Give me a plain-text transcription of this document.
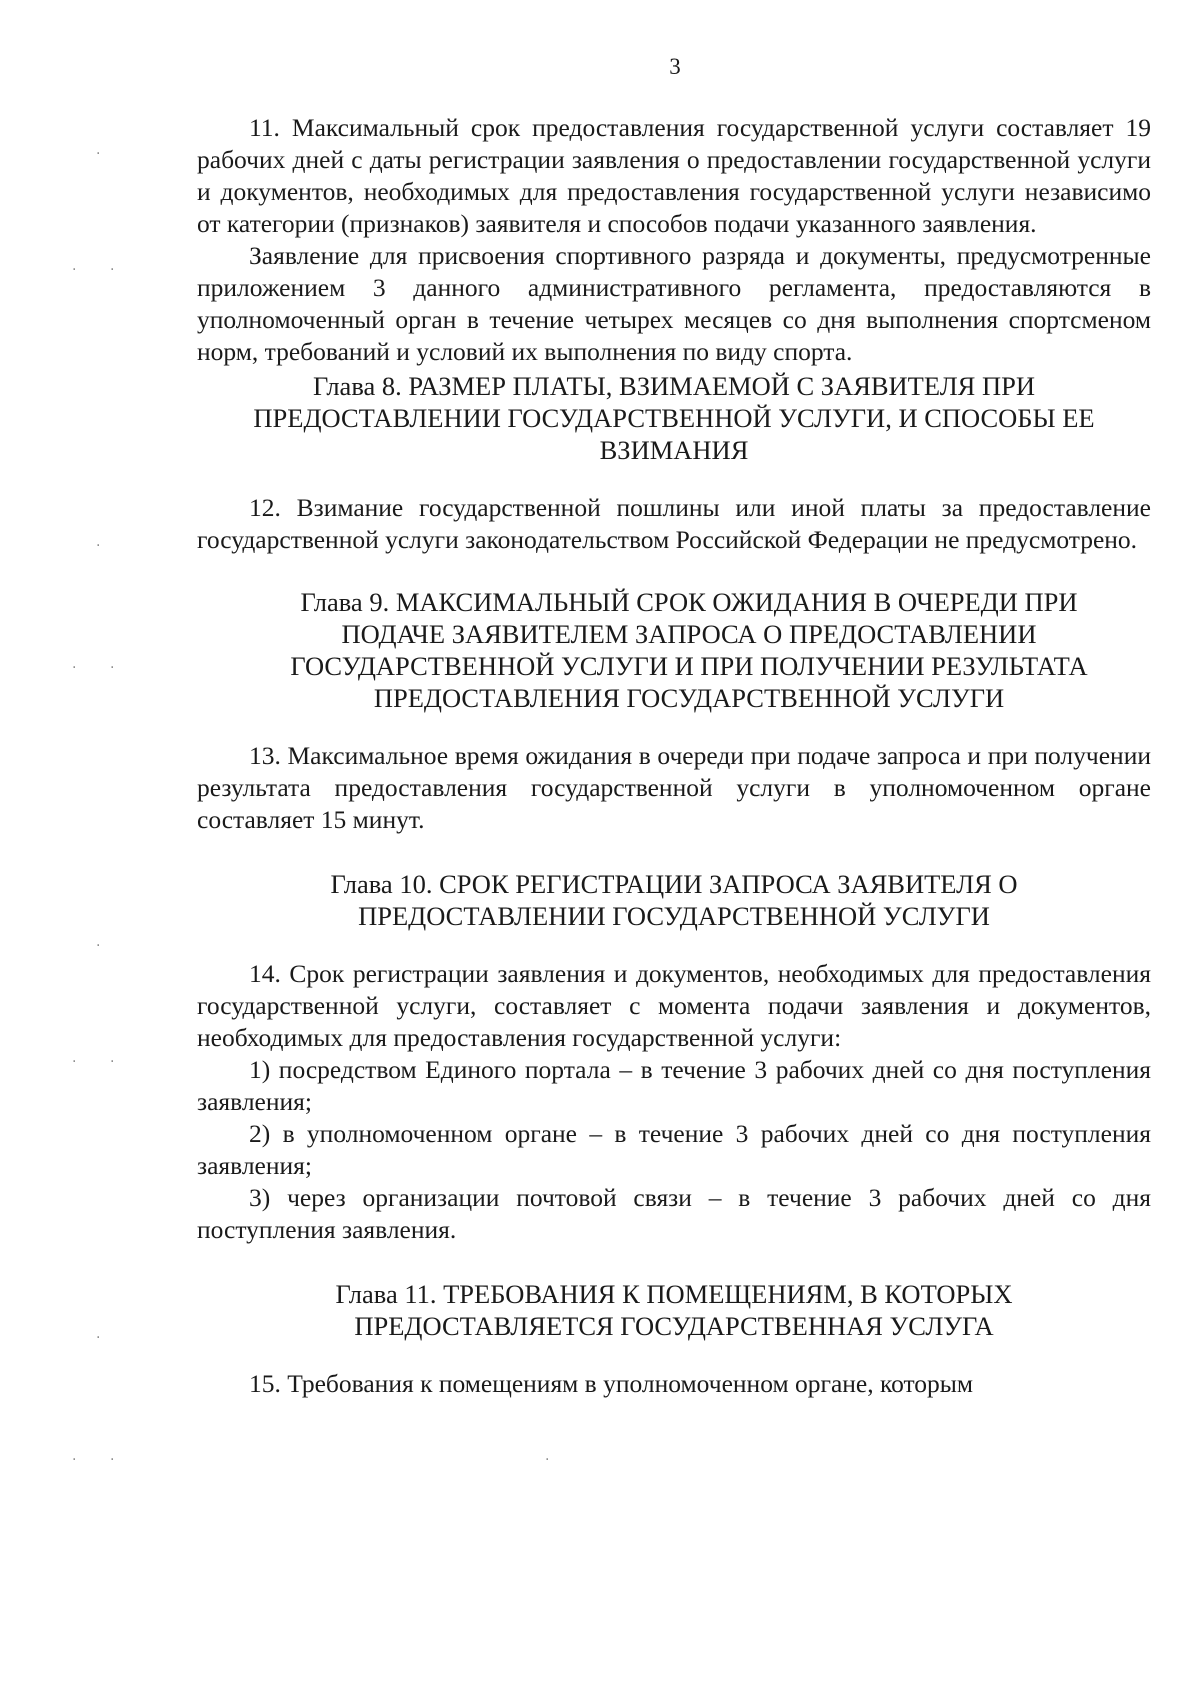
3
·
· ·
·
· ·
·
· ·
·
· ·	·

11. Максимальный срок предоставления государственной услуги составляет 19 рабочих дней с даты регистрации заявления о предоставлении государственной услуги и документов, необходимых для предоставления государственной услуги независимо от категории (признаков) заявителя и способов подачи указанного заявления.

Заявление для присвоения спортивного разряда и документы, предусмотренные приложением 3 данного административного регламента, предоставляются в уполномоченный орган в течение четырех месяцев со дня выполнения спортсменом норм, требований и условий их выполнения по виду спорта.

Глава 8. РАЗМЕР ПЛАТЫ, ВЗИМАЕМОЙ С ЗАЯВИТЕЛЯ ПРИ
ПРЕДОСТАВЛЕНИИ ГОСУДАРСТВЕННОЙ УСЛУГИ, И СПОСОБЫ ЕЕ
ВЗИМАНИЯ

12. Взимание государственной пошлины или иной платы за предоставление государственной услуги законодательством Российской Федерации не предусмотрено.

Глава 9. МАКСИМАЛЬНЫЙ СРОК ОЖИДАНИЯ В ОЧЕРЕДИ ПРИ
ПОДАЧЕ ЗАЯВИТЕЛЕМ ЗАПРОСА О ПРЕДОСТАВЛЕНИИ
ГОСУДАРСТВЕННОЙ УСЛУГИ И ПРИ ПОЛУЧЕНИИ РЕЗУЛЬТАТА
ПРЕДОСТАВЛЕНИЯ ГОСУДАРСТВЕННОЙ УСЛУГИ

13. Максимальное время ожидания в очереди при подаче запроса и при получении результата предоставления государственной услуги в уполномоченном органе составляет 15 минут.

Глава 10. СРОК РЕГИСТРАЦИИ ЗАПРОСА ЗАЯВИТЕЛЯ О
ПРЕДОСТАВЛЕНИИ ГОСУДАРСТВЕННОЙ УСЛУГИ

14. Срок регистрации заявления и документов, необходимых для предоставления государственной услуги, составляет с момента подачи заявления и документов, необходимых для предоставления государственной услуги:

1) посредством Единого портала – в течение 3 рабочих дней со дня поступления заявления;

2) в уполномоченном органе – в течение 3 рабочих дней со дня поступления заявления;

3) через организации почтовой связи – в течение 3 рабочих дней со дня поступления заявления.

Глава 11. ТРЕБОВАНИЯ К ПОМЕЩЕНИЯМ, В КОТОРЫХ
ПРЕДОСТАВЛЯЕТСЯ ГОСУДАРСТВЕННАЯ УСЛУГА

15. Требования к помещениям в уполномоченном органе, которым
